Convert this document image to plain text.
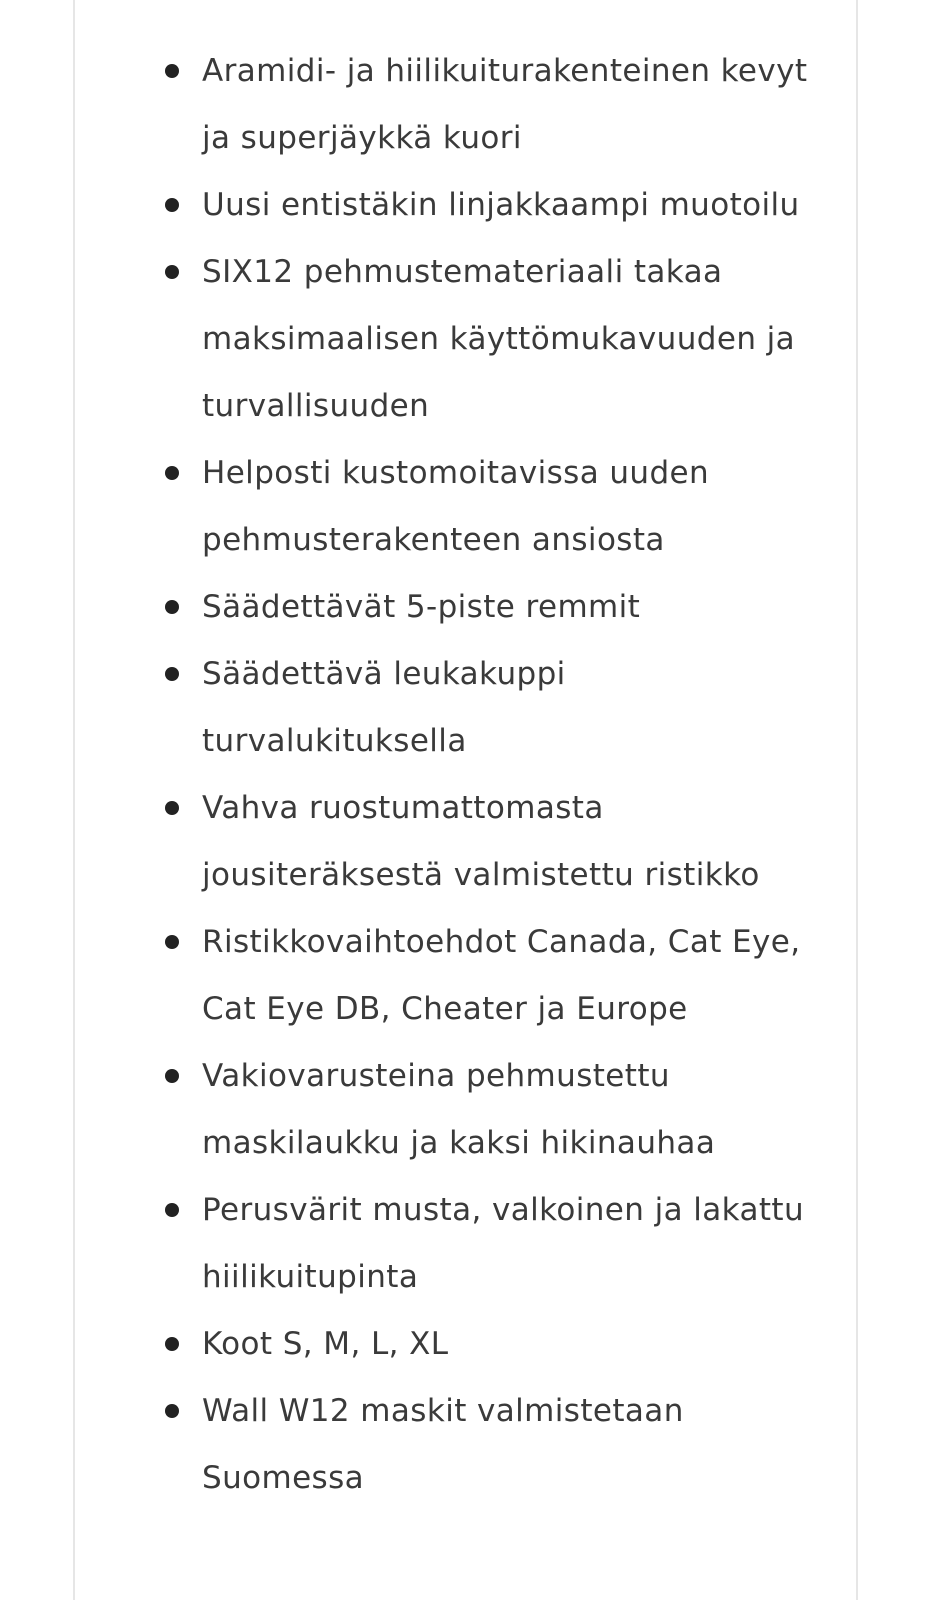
Aramidi- ja hiilikuiturakenteinen kevyt ja superjäykkä kuori
Uusi entistäkin linjakkaampi muotoilu
SIX12 pehmustemateriaali takaa maksimaalisen käyttömukavuuden ja turvallisuuden
Helposti kustomoitavissa uuden pehmusterakenteen ansiosta
Säädettävät 5-piste remmit
Säädettävä leukakuppi turvalukituksella
Vahva ruostumattomasta jousiteräksestä valmistettu ristikko
Ristikkovaihtoehdot Canada, Cat Eye, Cat Eye DB, Cheater ja Europe
Vakiovarusteina pehmustettu maskilaukku ja kaksi hikinauhaa
Perusvärit musta, valkoinen ja lakattu hiilikuitupinta
Koot S, M, L, XL
Wall W12 maskit valmistetaan Suomessa
